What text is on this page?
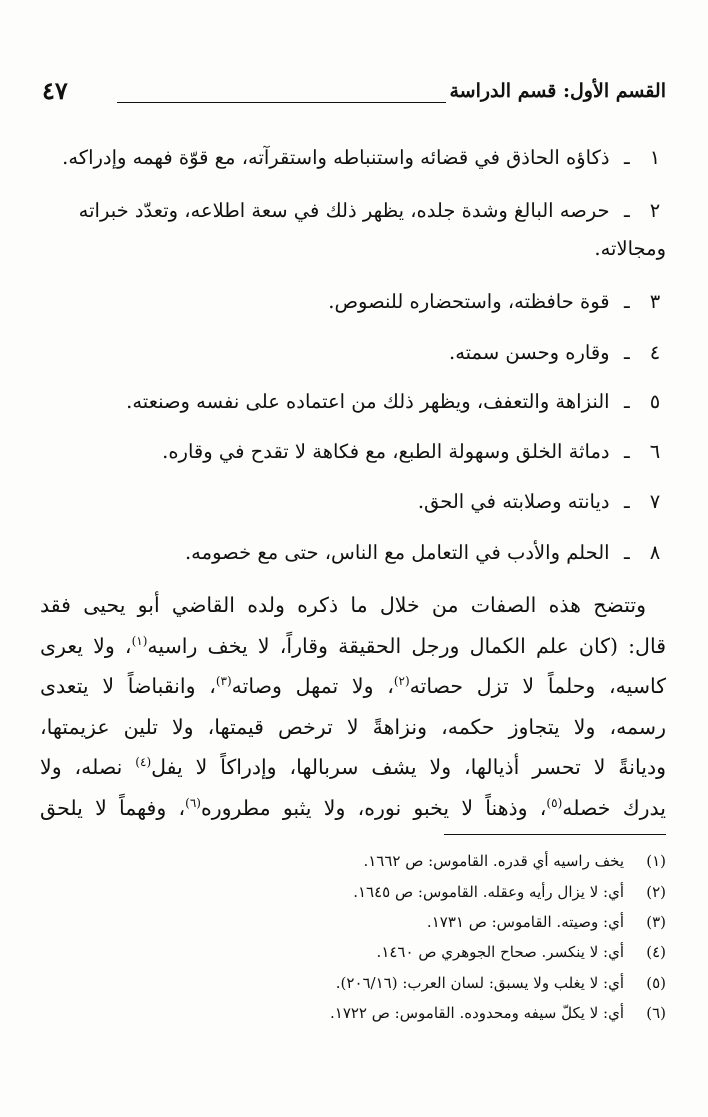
القسم الأول: قسم الدراسة
٤٧
١ ـ ذكاؤه الحاذق في قضائه واستنباطه واستقرآته، مع قوّة فهمه وإدراكه.
٢ ـ حرصه البالغ وشدة جلده، يظهر ذلك في سعة اطلاعه، وتعدّد خبراته
ومجالاته.
٣ ـ قوة حافظته، واستحضاره للنصوص.
٤ ـ وقاره وحسن سمته.
٥ ـ النزاهة والتعفف، ويظهر ذلك من اعتماده على نفسه وصنعته.
٦ ـ دماثة الخلق وسهولة الطبع، مع فكاهة لا تقدح في وقاره.
٧ ـ ديانته وصلابته في الحق.
٨ ـ الحلم والأدب في التعامل مع الناس، حتى مع خصومه.
وتتضح هذه الصفات من خلال ما ذكره ولده القاضي أبو يحيى فقد
قال: (كان علم الكمال ورجل الحقيقة وقاراً، لا يخف راسيه$^{(١)}$، ولا يعرى
كاسيه، وحلماً لا تزل حصاته$^{(٢)}$، ولا تمهل وصاته$^{(٣)}$، وانقباضاً لا يتعدى
رسمه، ولا يتجاوز حكمه، ونزاهةً لا ترخص قيمتها، ولا تلين عزيمتها،
وديانةً لا تحسر أذيالها، ولا يشف سربالها، وإدراكاً لا يفل$^{(٤)}$ نصله، ولا
يدرك خصله$^{(٥)}$، وذهناً لا يخبو نوره، ولا يثبو مطروره$^{(٦)}$، وفهماً لا يلحق
(١)يخف راسيه أي قدره. القاموس: ص ١٦٦٢.
(٢)أي: لا يزال رأيه وعقله. القاموس: ص ١٦٤٥.
(٣)أي: وصيته. القاموس: ص ١٧٣١.
(٤)أي: لا ينكسر. صحاح الجوهري ص ١٤٦٠.
(٥)أي: لا يغلب ولا يسبق: لسان العرب: (٢٠٦/١٦).
(٦)أي: لا يكلّ سيفه ومحدوده. القاموس: ص ١٧٢٢.
